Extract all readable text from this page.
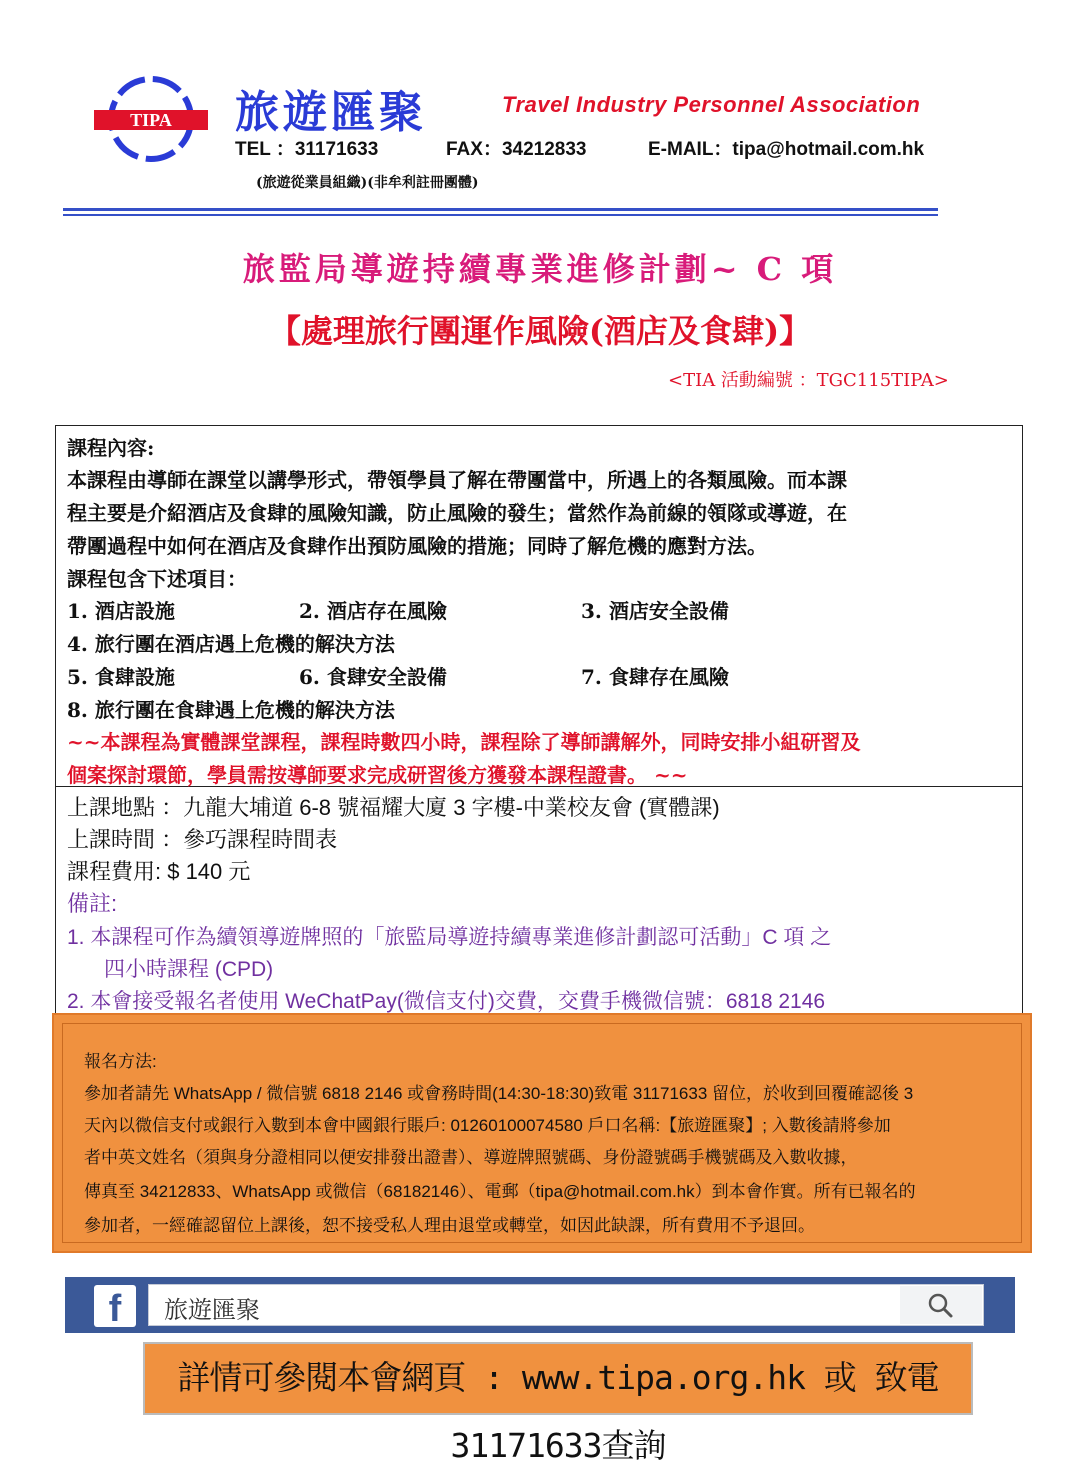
TIPA 旅遊匯聚	Travel Industry Personnel Association
TEL ：31171633	FAX：34212833	E-MAIL：tipa@hotmail.com.hk
(旅遊從業員組織)(非牟利註冊團體)
旅監局導遊持續專業進修計劃~ C 項
【處理旅行團運作風險(酒店及食肆)】
<TIA 活動編號 ：TGC115TIPA>
課程內容:
本課程由導師在課堂以講學形式，帶領學員了解在帶團當中，所遇上的各類風險。而本課
程主要是介紹酒店及食肆的風險知識，防止風險的發生；當然作為前線的領隊或導遊，在
帶團過程中如何在酒店及食肆作出預防風險的措施；同時了解危機的應對方法。
課程包含下述項目：
1. 酒店設施	2. 酒店存在風險	3. 酒店安全設備
4. 旅行團在酒店遇上危機的解決方法
5. 食肆設施	6. 食肆安全設備	7. 食肆存在風險
8. 旅行團在食肆遇上危機的解決方法
~~本課程為實體課堂課程，課程時數四小時，課程除了導師講解外，同時安排小組研習及
個案探討環節，學員需按導師要求完成研習後方獲發本課程證書。 ~~
上課地點 ：九龍大埔道 6-8 號福耀大廈 3 字樓-中業校友會 (實體課)
上課時間 ：參巧課程時間表
課程費用: $ 140 元
備註:
1. 本課程可作為續領導遊牌照的「旅監局導遊持續專業進修計劃認可活動」C 項 之
四小時課程 (CPD)
2. 本會接受報名者使用 WeChatPay(微信支付)交費，交費手機微信號：6818 2146
報名方法:
參加者請先 WhatsApp / 微信號 6818 2146 或會務時間(14:30-18:30)致電 31171633 留位，於收到回覆確認後 3
天內以微信支付或銀行入數到本會中國銀行賬戶: 01260100074580 戶口名稱:【旅遊匯聚】; 入數後請將參加
者中英文姓名（須與身分證相同以便安排發出證書）、導遊牌照號碼、身份證號碼手機號碼及入數收據，
傳真至 34212833、WhatsApp 或微信（68182146）、電郵（tipa@hotmail.com.hk）到本會作實。所有已報名的
參加者，一經確認留位上課後，恕不接受私人理由退堂或轉堂，如因此缺課，所有費用不予退回。
f	旅遊匯聚
詳情可參閱本會網頁 : www.tipa.org.hk 或 致電31171633查詢
